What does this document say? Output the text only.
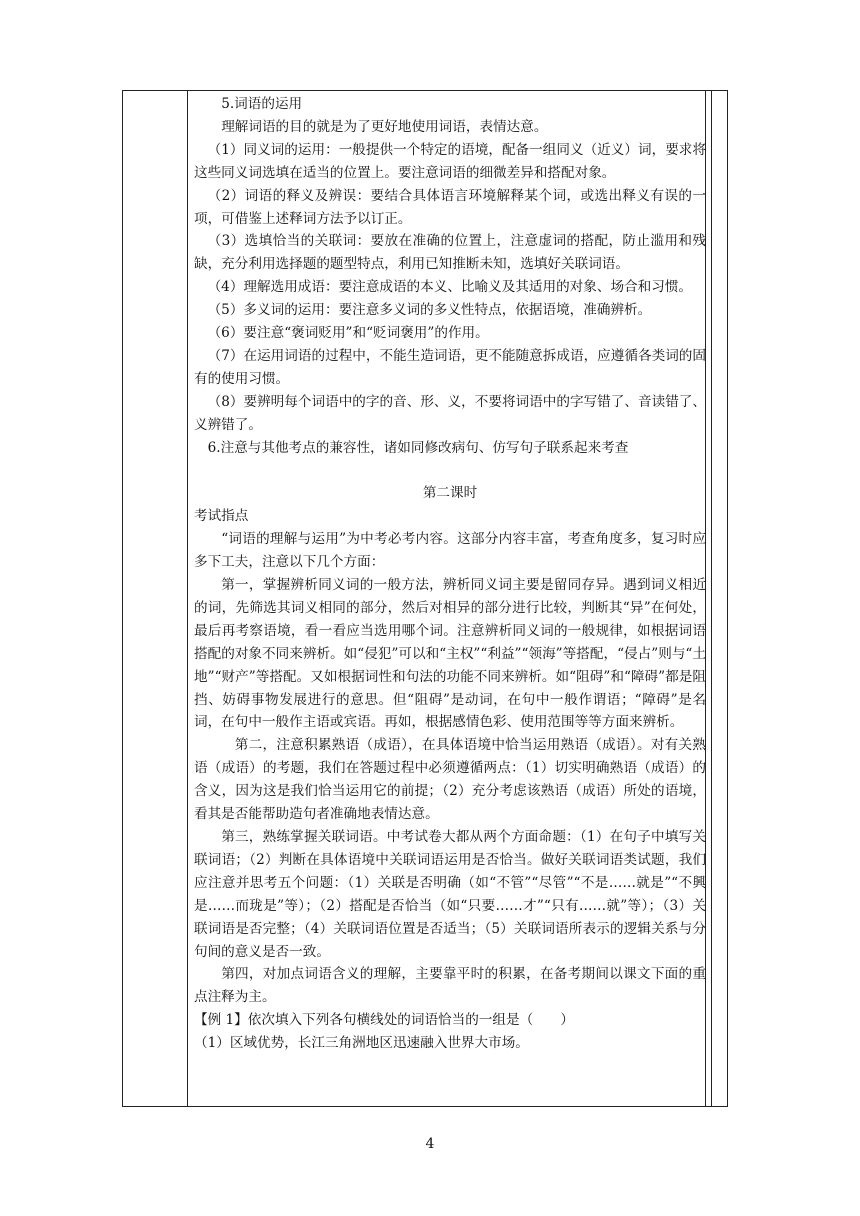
5.词语的运用

理解词语的目的就是为了更好地使用词语，表情达意。

（1）同义词的运用：一般提供一个特定的语境，配备一组同义（近义）词，要求将这些同义词选填在适当的位置上。要注意词语的细微差异和搭配对象。

（2）词语的释义及辨误：要结合具体语言环境解释某个词，或选出释义有误的一项，可借鉴上述释词方法予以订正。

（3）选填恰当的关联词：要放在准确的位置上，注意虚词的搭配，防止滥用和残缺，充分利用选择题的题型特点，利用已知推断未知，选填好关联词语。

（4）理解选用成语：要注意成语的本义、比喻义及其适用的对象、场合和习惯。

（5）多义词的运用：要注意多义词的多义性特点，依据语境，准确辨析。

（6）要注意“褒词贬用”和“贬词褒用”的作用。

（7）在运用词语的过程中，不能生造词语，更不能随意拆成语，应遵循各类词的固有的使用习惯。

（8）要辨明每个词语中的字的音、形、义，不要将词语中的字写错了、音读错了、义辨错了。

6.注意与其他考点的兼容性，诸如同修改病句、仿写句子联系起来考查

第二课时

考试指点

“词语的理解与运用”为中考必考内容。这部分内容丰富，考查角度多，复习时应多下工夫，注意以下几个方面：

第一，掌握辨析同义词的一般方法，辨析同义词主要是留同存异。遇到词义相近的词，先筛选其词义相同的部分，然后对相异的部分进行比较，判断其“异”在何处，最后再考察语境，看一看应当选用哪个词。注意辨析同义词的一般规律，如根据词语搭配的对象不同来辨析。如“侵犯”可以和“主权”“利益”“领海”等搭配，“侵占”则与“土地”“财产”等搭配。又如根据词性和句法的功能不同来辨析。如“阻碍”和“障碍”都是阻挡、妨碍事物发展进行的意思。但“阻碍”是动词，在句中一般作谓语；“障碍”是名词，在句中一般作主语或宾语。再如，根据感情色彩、使用范围等等方面来辨析。

第二，注意积累熟语（成语），在具体语境中恰当运用熟语（成语）。对有关熟语（成语）的考题，我们在答题过程中必须遵循两点：（1）切实明确熟语（成语）的含义，因为这是我们恰当运用它的前提；（2）充分考虑该熟语（成语）所处的语境，看其是否能帮助造句者准确地表情达意。

第三，熟练掌握关联词语。中考试卷大都从两个方面命题：（1）在句子中填写关联词语；（2）判断在具体语境中关联词语运用是否恰当。做好关联词语类试题，我们应注意并思考五个问题：（1）关联是否明确（如“不管”“尽管”“不是……就是”“不興是……而珑是”等）；（2）搭配是否恰当（如“只要……才”“只有……就”等）；（3）关联词语是否完整；（4）关联词语位置是否适当；（5）关联词语所表示的逻辑关系与分句间的意义是否一致。

第四，对加点词语含义的理解，主要靠平时的积累，在备考期间以课文下面的重点注释为主。

【例 1】依次填入下列各句横线处的词语恰当的一组是（　　）

（1）区域优势，长江三角洲地区迅速融入世界大市场。

4
